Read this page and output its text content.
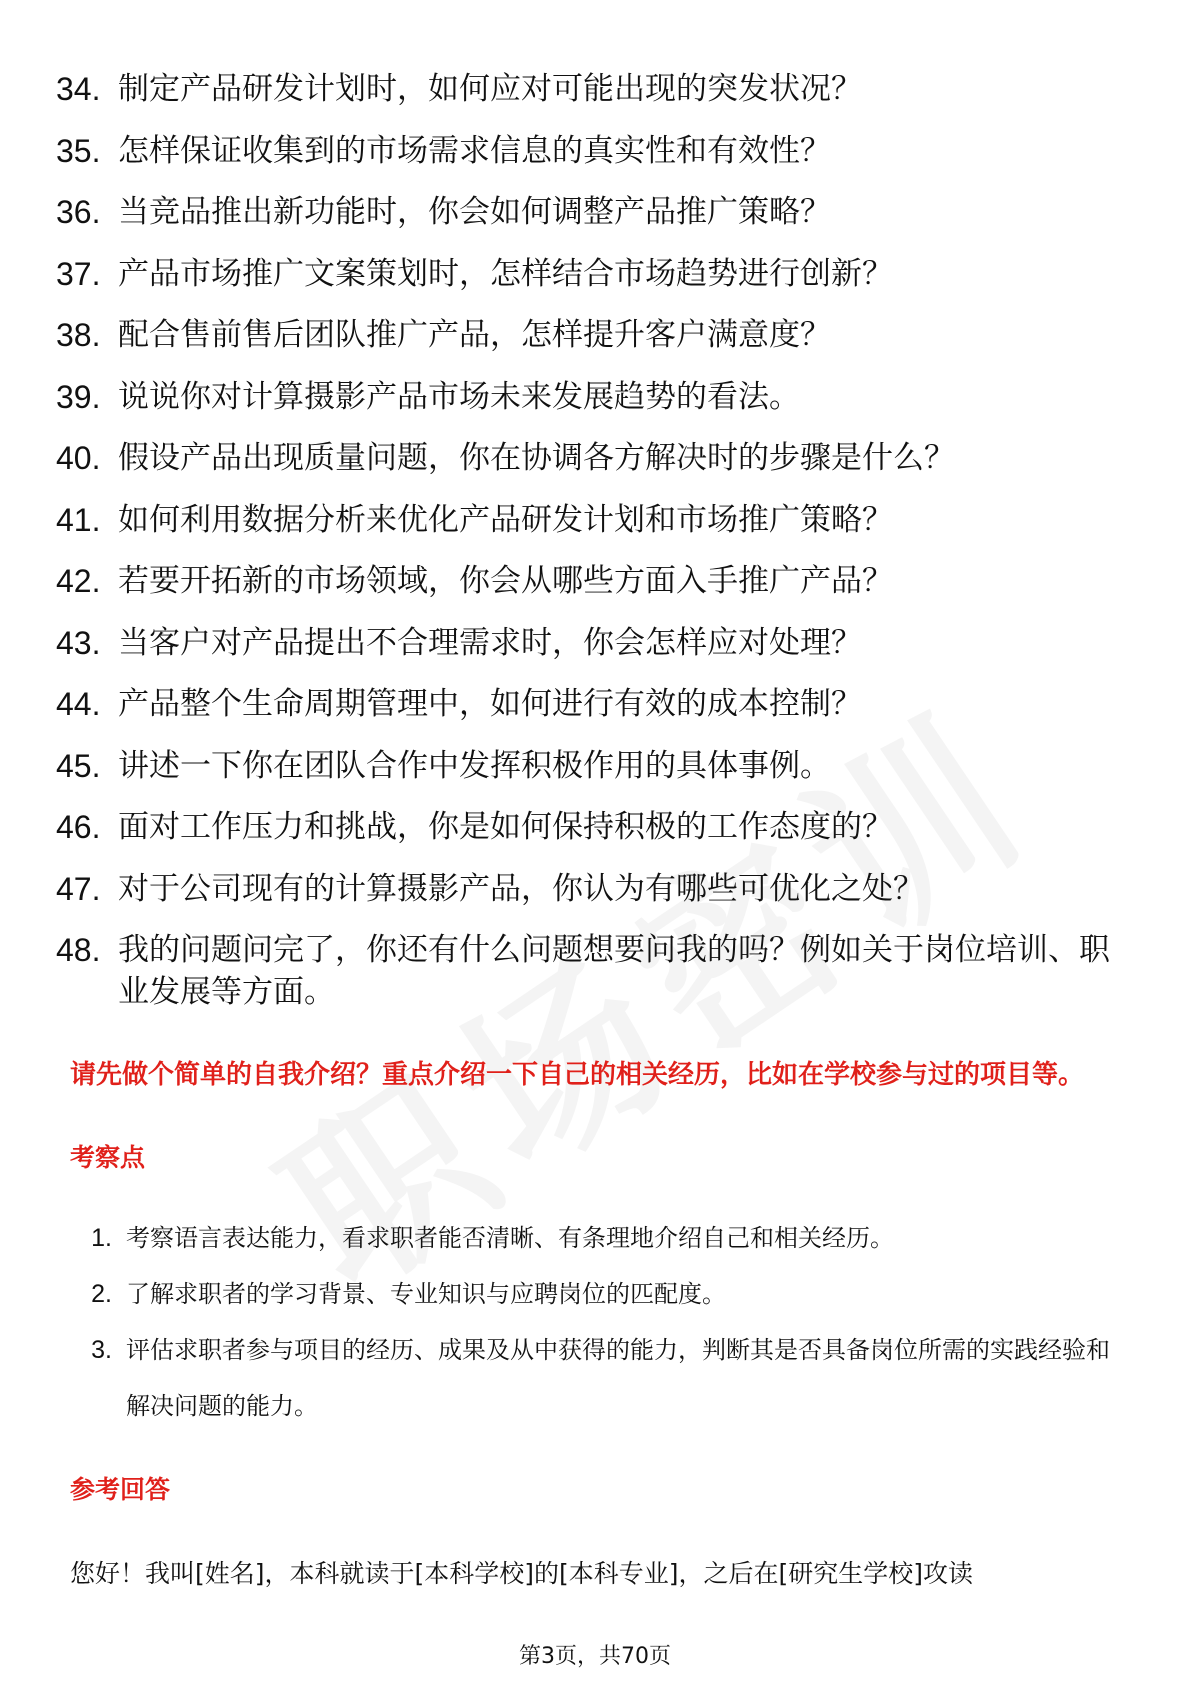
34. 制定产品研发计划时，如何应对可能出现的突发状况？
35. 怎样保证收集到的市场需求信息的真实性和有效性？
36. 当竞品推出新功能时，你会如何调整产品推广策略？
37. 产品市场推广文案策划时，怎样结合市场趋势进行创新？
38. 配合售前售后团队推广产品，怎样提升客户满意度？
39. 说说你对计算摄影产品市场未来发展趋势的看法。
40. 假设产品出现质量问题，你在协调各方解决时的步骤是什么？
41. 如何利用数据分析来优化产品研发计划和市场推广策略？
42. 若要开拓新的市场领域，你会从哪些方面入手推广产品？
43. 当客户对产品提出不合理需求时，你会怎样应对处理？
44. 产品整个生命周期管理中，如何进行有效的成本控制？
45. 讲述一下你在团队合作中发挥积极作用的具体事例。
46. 面对工作压力和挑战，你是如何保持积极的工作态度的？
47. 对于公司现有的计算摄影产品，你认为有哪些可优化之处？
48. 我的问题问完了，你还有什么问题想要问我的吗？例如关于岗位培训、职业发展等方面。
请先做个简单的自我介绍？重点介绍一下自己的相关经历，比如在学校参与过的项目等。
考察点
1. 考察语言表达能力，看求职者能否清晰、有条理地介绍自己和相关经历。
2. 了解求职者的学习背景、专业知识与应聘岗位的匹配度。
3. 评估求职者参与项目的经历、成果及从中获得的能力，判断其是否具备岗位所需的实践经验和解决问题的能力。
参考回答
您好！我叫[姓名]，本科就读于[本科学校]的[本科专业]，之后在[研究生学校]攻读
第3页，共70页
